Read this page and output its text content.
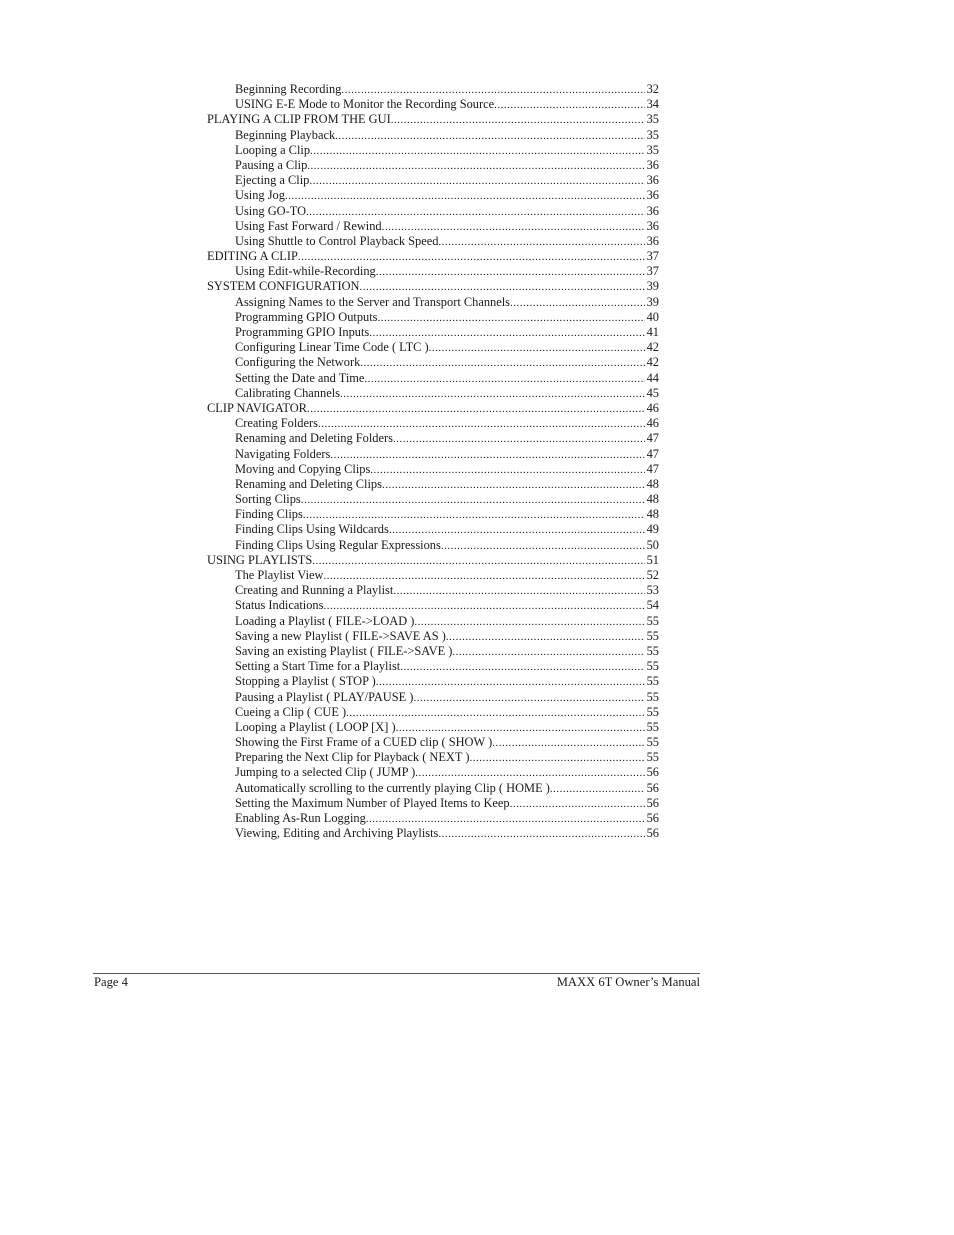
Beginning Recording .....	32
USING E-E Mode to Monitor the Recording Source .....	34
PLAYING A CLIP FROM THE GUI .....	35
Beginning Playback .....	35
Looping a Clip .....	35
Pausing a Clip .....	36
Ejecting a Clip .....	36
Using Jog .....	36
Using GO-TO .....	36
Using Fast Forward / Rewind .....	36
Using Shuttle to Control Playback Speed .....	36
EDITING A CLIP .....	37
Using Edit-while-Recording .....	37
SYSTEM CONFIGURATION .....	39
Assigning Names to the Server and Transport Channels .....	39
Programming GPIO Outputs .....	40
Programming GPIO Inputs .....	41
Configuring Linear Time Code ( LTC ) .....	42
Configuring the Network .....	42
Setting the Date and Time .....	44
Calibrating Channels .....	45
CLIP NAVIGATOR .....	46
Creating Folders .....	46
Renaming and Deleting Folders .....	47
Navigating Folders .....	47
Moving and Copying Clips .....	47
Renaming and Deleting Clips .....	48
Sorting Clips .....	48
Finding Clips .....	48
Finding Clips Using Wildcards .....	49
Finding Clips Using Regular Expressions .....	50
USING PLAYLISTS .....	51
The Playlist View .....	52
Creating and Running a Playlist .....	53
Status Indications .....	54
Loading a Playlist ( FILE->LOAD ) .....	55
Saving a new Playlist ( FILE->SAVE AS ) .....	55
Saving an existing Playlist ( FILE->SAVE ) .....	55
Setting a Start Time for a Playlist .....	55
Stopping a Playlist ( STOP ) .....	55
Pausing a Playlist ( PLAY/PAUSE ) .....	55
Cueing a Clip ( CUE ) .....	55
Looping a Playlist ( LOOP [X] ) .....	55
Showing the First Frame of a CUED clip ( SHOW ) .....	55
Preparing the Next Clip for Playback ( NEXT ) .....	55
Jumping to a selected Clip ( JUMP ) .....	56
Automatically scrolling to the currently playing Clip ( HOME ) .....	56
Setting the Maximum Number of Played Items to Keep .....	56
Enabling As-Run Logging .....	56
Viewing, Editing and Archiving Playlists .....	56
Page 4	MAXX 6T Owner’s Manual
